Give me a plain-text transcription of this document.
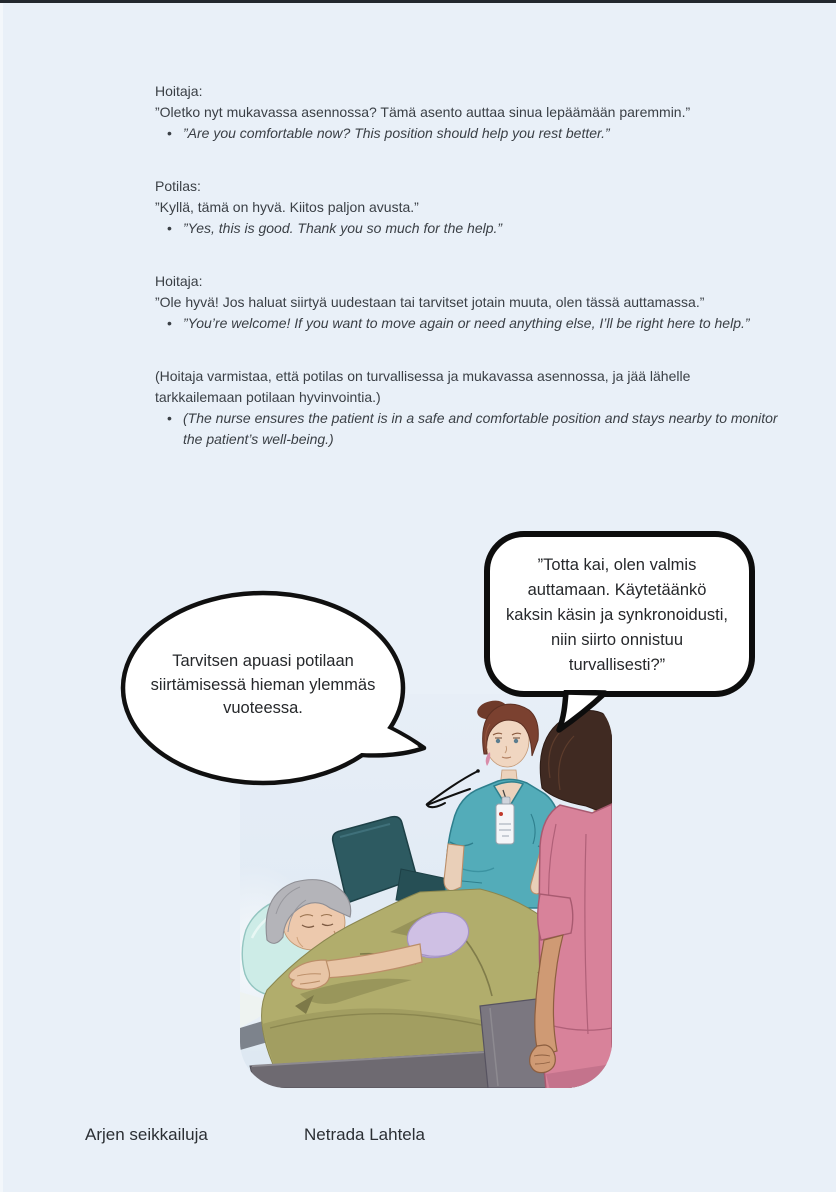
Hoitaja:
”Oletko nyt mukavassa asennossa? Tämä asento auttaa sinua lepäämään paremmin.”
• ”Are you comfortable now? This position should help you rest better.”
Potilas:
”Kyllä, tämä on hyvä. Kiitos paljon avusta.”
• ”Yes, this is good. Thank you so much for the help.”
Hoitaja:
”Ole hyvä! Jos haluat siirtyä uudestaan tai tarvitset jotain muuta, olen tässä auttamassa.”
• ”You’re welcome! If you want to move again or need anything else, I’ll be right here to help.”
(Hoitaja varmistaa, että potilas on turvallisessa ja mukavassa asennossa, ja jää lähelle tarkkailemaan potilaan hyvinvointia.)
• (The nurse ensures the patient is in a safe and comfortable position and stays nearby to monitor the patient’s well-being.)
Tarvitsen apuasi potilaan
siirtämisessä hieman ylemmäs
vuoteessa.
”Totta kai, olen valmis
auttamaan. Käytetäänkö
kaksin käsin ja synkronoidusti,
niin siirto onnistuu
turvallisesti?”
Arjen seikkailuja	Netrada Lahtela
